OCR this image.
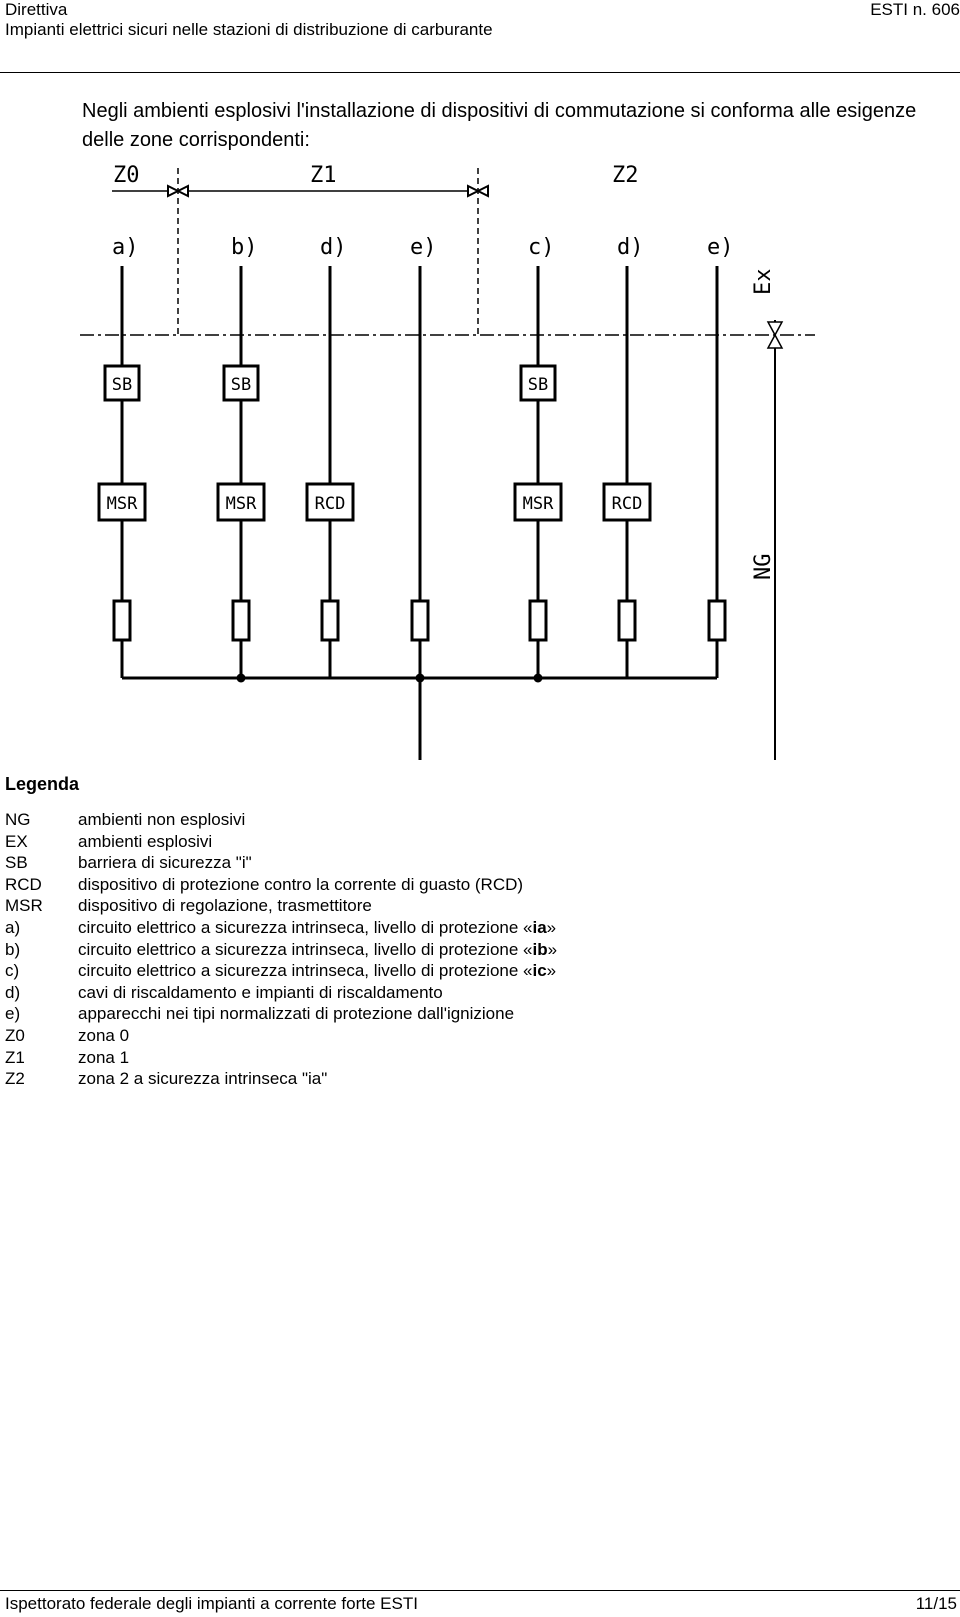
Direttiva
Impianti elettrici sicuri nelle stazioni di distribuzione di carburante
ESTI n. 606
Negli ambienti esplosivi l'installazione di dispositivi di commutazione si conforma alle esigenze delle zone corrispondenti:
a)
SB
MSR
b)
SB
MSR
d)
RCD
e)	c)
SB
MSR
d)
RCD
e)
Z0	Z1	Z2
Ex
NG
Legenda
NG	ambienti non esplosivi
EX	ambienti esplosivi
SB	barriera di sicurezza "i"
RCD dispositivo di protezione contro la corrente di guasto (RCD)
MSR dispositivo di regolazione, trasmettitore
a)	circuito elettrico a sicurezza intrinseca, livello di protezione «ia»
b)	circuito elettrico a sicurezza intrinseca, livello di protezione «ib»
c)	circuito elettrico a sicurezza intrinseca, livello di protezione «ic»
d)	cavi di riscaldamento e impianti di riscaldamento
e)	apparecchi nei tipi normalizzati di protezione dall'ignizione
Z0	zona 0
Z1	zona 1
Z2	zona 2 a sicurezza intrinseca "ia"
Ispettorato federale degli impianti a corrente forte ESTI	11/15
